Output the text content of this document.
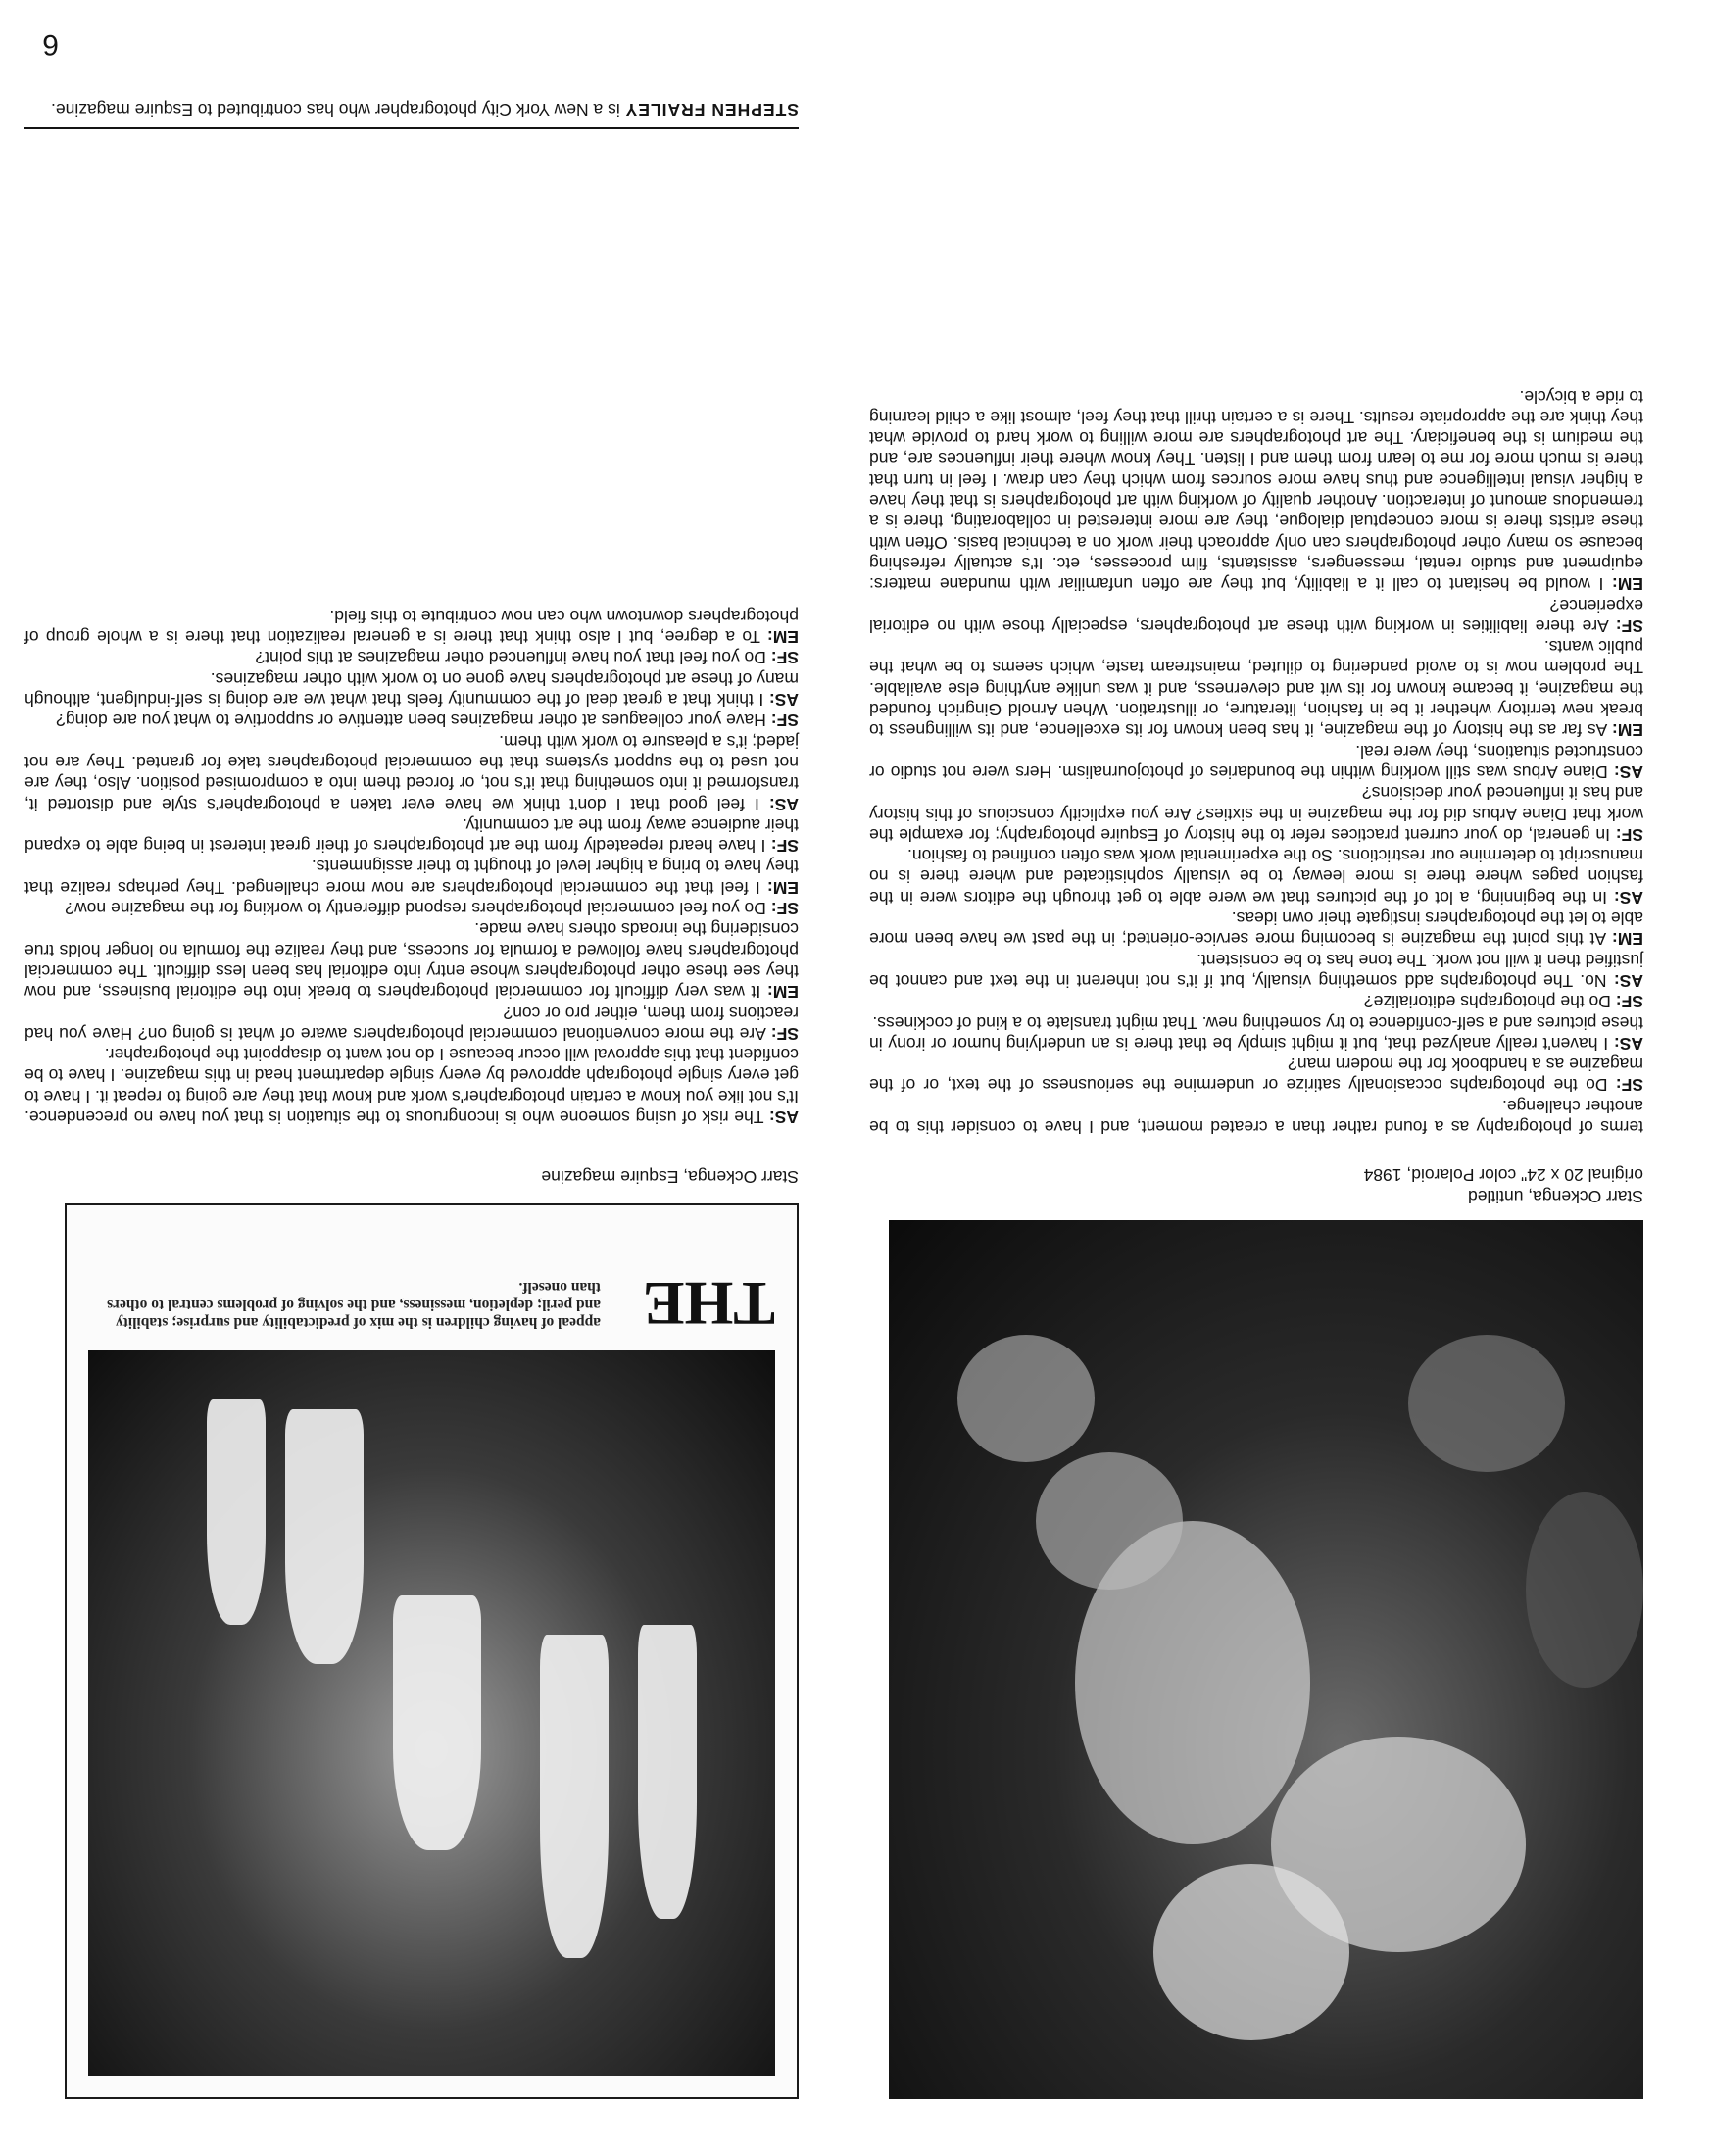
Starr Ockenga, untitled
original 20 x 24" color Polaroid, 1984
THE
appeal of having children is the mix of predictability and surprise; stability and peril; depletion, messiness, and the solving of problems central to others than oneself.
Starr Ockenga, Esquire magazine

terms of photography as a found rather than a created moment, and I have to consider this to be another challenge.

SF: Do the photographs occasionally satirize or undermine the seriousness of the text, or of the magazine as a handbook for the modern man?

AS: I haven't really analyzed that, but it might simply be that there is an underlying humor or irony in these pictures and a self-confidence to try something new. That might translate to a kind of cockiness.

SF: Do the photographs editorialize?

AS: No. The photographs add something visually, but if it's not inherent in the text and cannot be justified then it will not work. The tone has to be consistent.

EM: At this point the magazine is becoming more service-oriented; in the past we have been more able to let the photographers instigate their own ideas.

AS: In the beginning, a lot of the pictures that we were able to get through the editors were in the fashion pages where there is more leeway to be visually sophisticated and where there is no manuscript to determine our restrictions. So the experimental work was often confined to fashion.

SF: In general, do your current practices refer to the history of Esquire photography; for example the work that Diane Arbus did for the magazine in the sixties? Are you explicitly conscious of this history and has it influenced your decisions?

AS: Diane Arbus was still working within the boundaries of photojournalism. Hers were not studio or constructed situations, they were real.

EM: As far as the history of the magazine, it has been known for its excellence, and its willingness to break new territory whether it be in fashion, literature, or illustration. When Arnold Gingrich founded the magazine, it became known for its wit and cleverness, and it was unlike anything else available. The problem now is to avoid pandering to diluted, mainstream taste, which seems to be what the public wants.

SF: Are there liabilities in working with these art photographers, especially those with no editorial experience?

EM: I would be hesitant to call it a liability, but they are often unfamiliar with mundane matters: equipment and studio rental, messengers, assistants, film processes, etc. It's actually refreshing because so many other photographers can only approach their work on a technical basis. Often with these artists there is more conceptual dialogue, they are more interested in collaborating, there is a tremendous amount of interaction. Another quality of working with art photographers is that they have a higher visual intelligence and thus have more sources from which they can draw. I feel in turn that there is much more for me to learn from them and I listen. They know where their influences are, and the medium is the beneficiary. The art photographers are more willing to work hard to provide what they think are the appropriate results. There is a certain thrill that they feel, almost like a child learning to ride a bicycle.

AS: The risk of using someone who is incongruous to the situation is that you have no precendence. It's not like you know a certain photographer's work and know that they are going to repeat it. I have to get every single photograph approved by every single department head in this magazine. I have to be confident that this approval will occur because I do not want to disappoint the photographer.

SF: Are the more conventional commercial photographers aware of what is going on? Have you had reactions from them, either pro or con?

EM: It was very difficult for commercial photographers to break into the editorial business, and now they see these other photographers whose entry into editorial has been less difficult. The commercial photographers have followed a formula for success, and they realize the formula no longer holds true considering the inroads others have made.

SF: Do you feel commercial photographers respond differently to working for the magazine now?

EM: I feel that the commercial photographers are now more challenged. They perhaps realize that they have to bring a higher level of thought to their assignments.

SF: I have heard repeatedly from the art photographers of their great interest in being able to expand their audience away from the art community.

AS: I feel good that I don't think we have ever taken a photographer's style and distorted it, transformed it into something that it's not, or forced them into a compromised position. Also, they are not used to the support systems that the commercial photographers take for granted. They are not jaded; it's a pleasure to work with them.

SF: Have your colleagues at other magazines been attentive or supportive to what you are doing?

AS: I think that a great deal of the community feels that what we are doing is self-indulgent, although many of these art photographers have gone on to work with other magazines.

SF: Do you feel that you have influenced other magazines at this point?

EM: To a degree, but I also think that there is a general realization that there is a whole group of photographers downtown who can now contribute to this field.

STEPHEN FRAILEY is a New York City photographer who has contributed to Esquire magazine.
6
